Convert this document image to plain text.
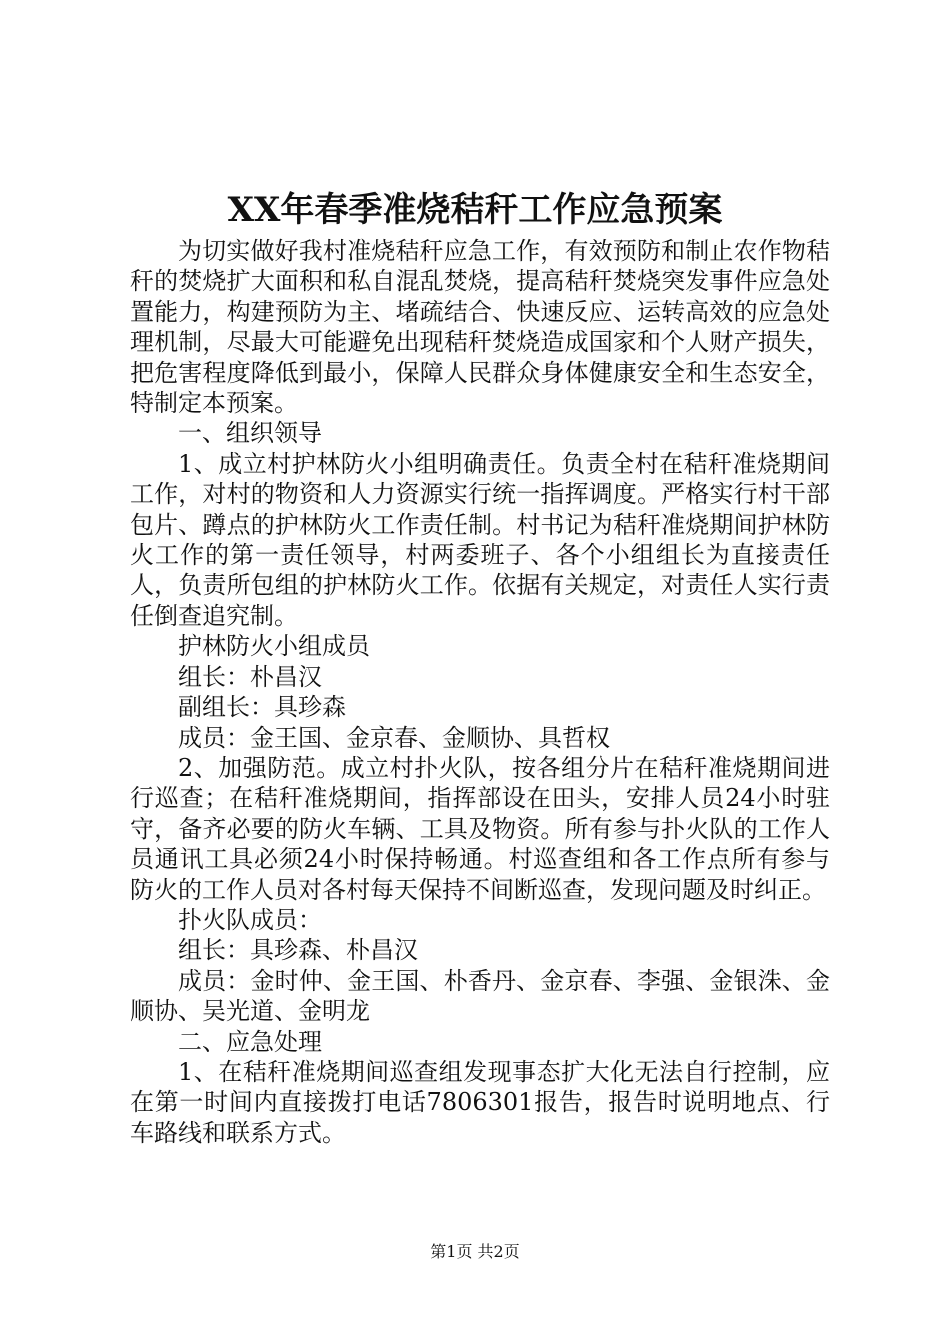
XX年春季准烧秸秆工作应急预案

为切实做好我村准烧秸秆应急工作，有效预防和制止农作物秸秆的焚烧扩大面积和私自混乱焚烧，提高秸秆焚烧突发事件应急处置能力，构建预防为主、堵疏结合、快速反应、运转高效的应急处理机制，尽最大可能避免出现秸秆焚烧造成国家和个人财产损失，把危害程度降低到最小，保障人民群众身体健康安全和生态安全，特制定本预案。

一、组织领导

1、成立村护林防火小组明确责任。负责全村在秸秆准烧期间工作，对村的物资和人力资源实行统一指挥调度。严格实行村干部包片、蹲点的护林防火工作责任制。村书记为秸秆准烧期间护林防火工作的第一责任领导，村两委班子、各个小组组长为直接责任人，负责所包组的护林防火工作。依据有关规定，对责任人实行责任倒查追究制。

护林防火小组成员

组长：朴昌汉

副组长：具珍森

成员：金王国、金京春、金顺协、具哲权

2、加强防范。成立村扑火队，按各组分片在秸秆准烧期间进行巡查；在秸秆准烧期间，指挥部设在田头，安排人员24小时驻守，备齐必要的防火车辆、工具及物资。所有参与扑火队的工作人员通讯工具必须24小时保持畅通。村巡查组和各工作点所有参与防火的工作人员对各村每天保持不间断巡查，发现问题及时纠正。

扑火队成员：

组长：具珍森、朴昌汉

成员：金时仲、金王国、朴香丹、金京春、李强、金银洙、金顺协、吴光道、金明龙

二、应急处理

1、在秸秆准烧期间巡查组发现事态扩大化无法自行控制，应在第一时间内直接拨打电话7806301报告，报告时说明地点、行车路线和联系方式。

第1页 共2页
